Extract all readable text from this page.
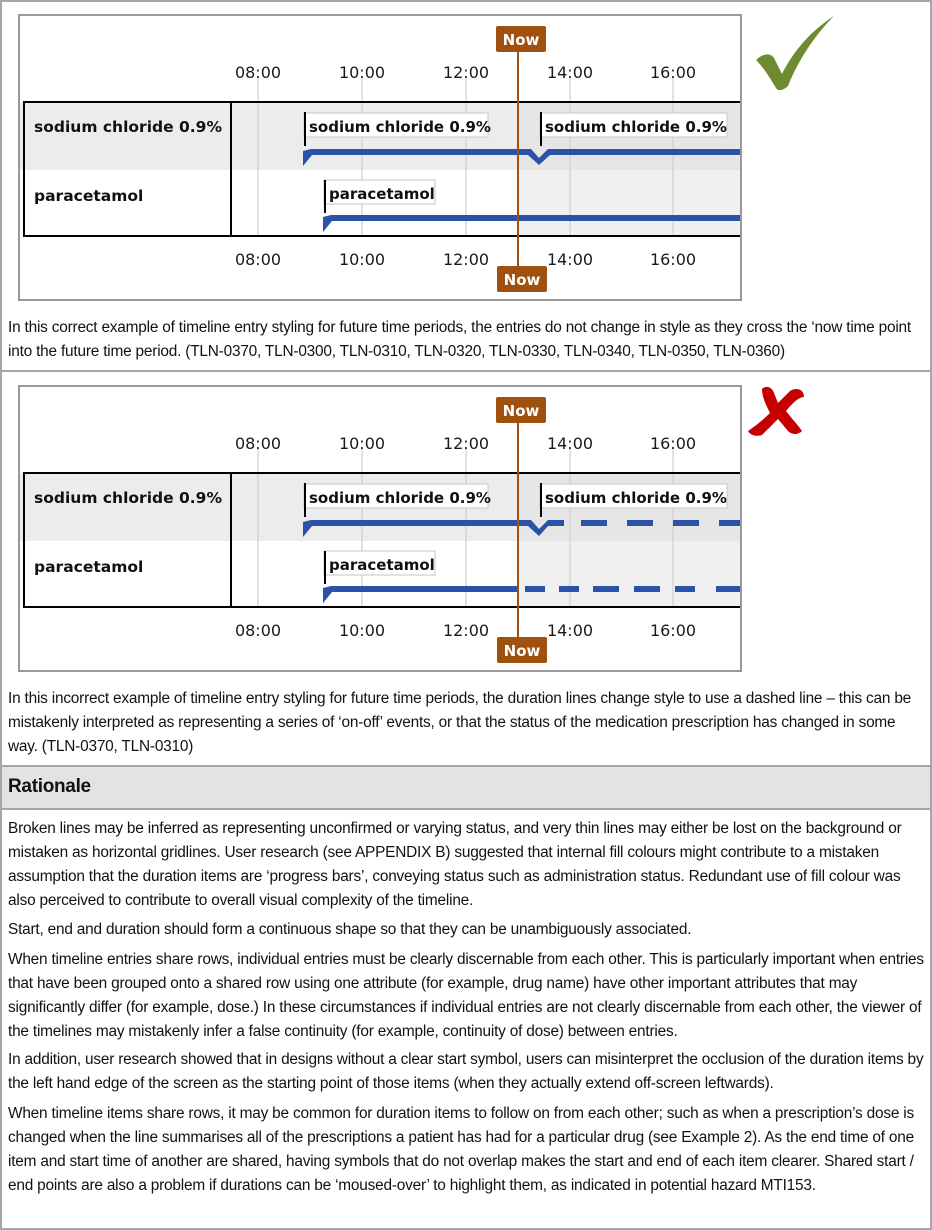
08:00	10:00	12:00	14:00	16:00
08:00	10:00	12:00	14:00	16:00
sodium chloride 0.9%
paracetamol
sodium chloride 0.9%	sodium chloride 0.9%
paracetamol
Now
Now
In this correct example of timeline entry styling for future time periods, the entries do not change in style as they cross the ‘now time point into the future time period. (TLN-0370, TLN-0300, TLN-0310, TLN-0320, TLN-0330, TLN-0340, TLN-0350, TLN-0360)
08:00	10:00	12:00	14:00	16:00
08:00	10:00	12:00	14:00	16:00
sodium chloride 0.9%
paracetamol
sodium chloride 0.9%	sodium chloride 0.9%
paracetamol
Now
Now
In this incorrect example of timeline entry styling for future time periods, the duration lines change style to use a dashed line – this can be mistakenly interpreted as representing a series of ‘on-off’ events, or that the status of the medication prescription has changed in some way. (TLN-0370, TLN-0310)
Rationale
Broken lines may be inferred as representing unconfirmed or varying status, and very thin lines may either be lost on the background or mistaken as horizontal gridlines. User research (see APPENDIX B) suggested that internal fill colours might contribute to a mistaken assumption that the duration items are ‘progress bars’, conveying status such as administration status. Redundant use of fill colour was also perceived to contribute to overall visual complexity of the timeline.
Start, end and duration should form a continuous shape so that they can be unambiguously associated.
When timeline entries share rows, individual entries must be clearly discernable from each other. This is particularly important when entries that have been grouped onto a shared row using one attribute (for example, drug name) have other important attributes that may significantly differ (for example, dose.) In these circumstances if individual entries are not clearly discernable from each other, the viewer of the timelines may mistakenly infer a false continuity (for example, continuity of dose) between entries.
In addition, user research showed that in designs without a clear start symbol, users can misinterpret the occlusion of the duration items by the left hand edge of the screen as the starting point of those items (when they actually extend off-screen leftwards).
When timeline items share rows, it may be common for duration items to follow on from each other; such as when a prescription’s dose is changed when the line summarises all of the prescriptions a patient has had for a particular drug (see Example 2). As the end time of one item and start time of another are shared, having symbols that do not overlap makes the start and end of each item clearer. Shared start / end points are also a problem if durations can be ‘moused-over’ to highlight them, as indicated in potential hazard MTI153.
